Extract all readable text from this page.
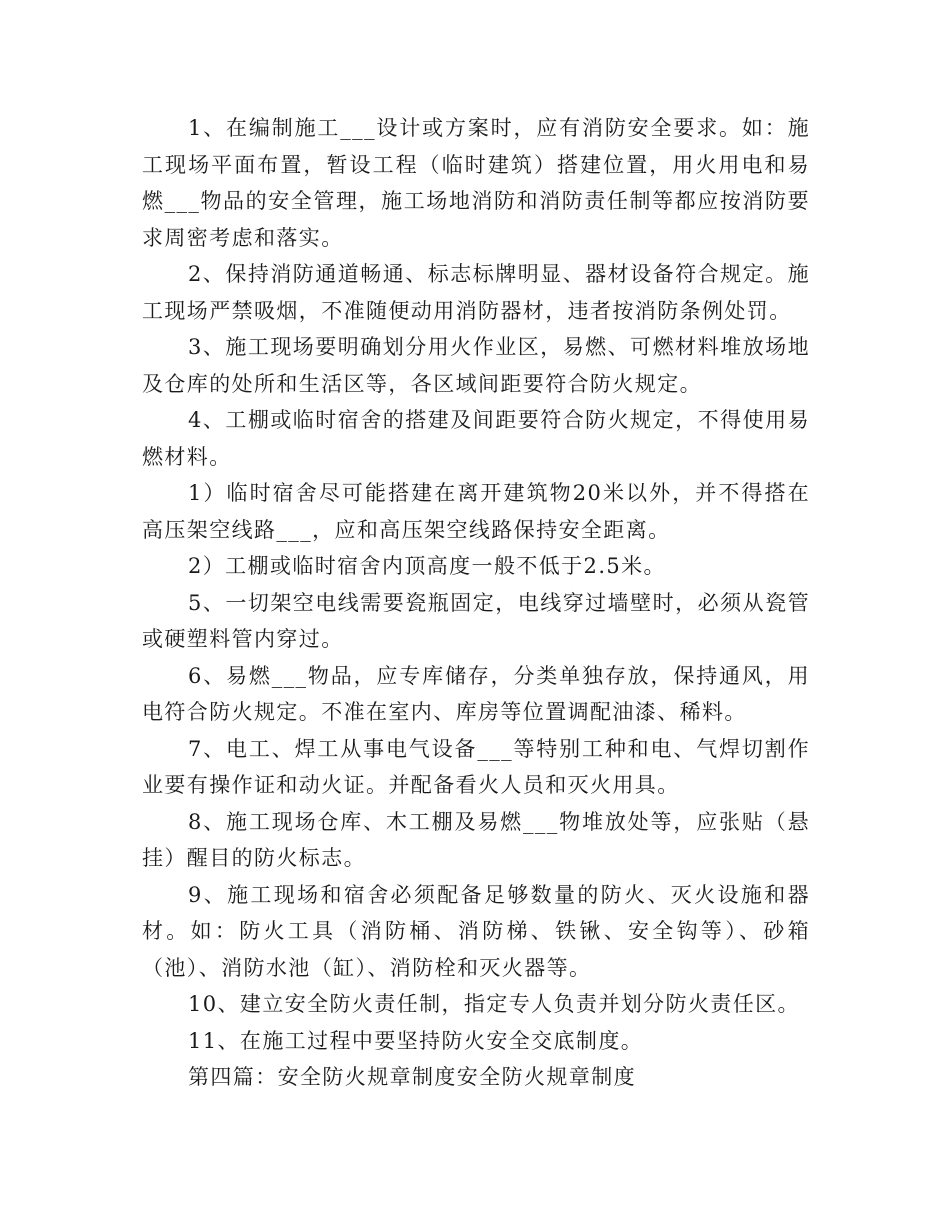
1、在编制施工___设计或方案时，应有消防安全要求。如：施工现场平面布置，暂设工程（临时建筑）搭建位置，用火用电和易燃___物品的安全管理，施工场地消防和消防责任制等都应按消防要求周密考虑和落实。

2、保持消防通道畅通、标志标牌明显、器材设备符合规定。施工现场严禁吸烟，不准随便动用消防器材，违者按消防条例处罚。

3、施工现场要明确划分用火作业区，易燃、可燃材料堆放场地及仓库的处所和生活区等，各区域间距要符合防火规定。

4、工棚或临时宿舍的搭建及间距要符合防火规定，不得使用易燃材料。

1）临时宿舍尽可能搭建在离开建筑物20米以外，并不得搭在高压架空线路___，应和高压架空线路保持安全距离。

2）工棚或临时宿舍内顶高度一般不低于2.5米。

5、一切架空电线需要瓷瓶固定，电线穿过墙壁时，必须从瓷管或硬塑料管内穿过。

6、易燃___物品，应专库储存，分类单独存放，保持通风，用电符合防火规定。不准在室内、库房等位置调配油漆、稀料。

7、电工、焊工从事电气设备___等特别工种和电、气焊切割作业要有操作证和动火证。并配备看火人员和灭火用具。

8、施工现场仓库、木工棚及易燃___物堆放处等，应张贴（悬挂）醒目的防火标志。

9、施工现场和宿舍必须配备足够数量的防火、灭火设施和器材。如：防火工具（消防桶、消防梯、铁锹、安全钩等）、砂箱（池）、消防水池（缸）、消防栓和灭火器等。

10、建立安全防火责任制，指定专人负责并划分防火责任区。

11、在施工过程中要坚持防火安全交底制度。

第四篇：安全防火规章制度安全防火规章制度
